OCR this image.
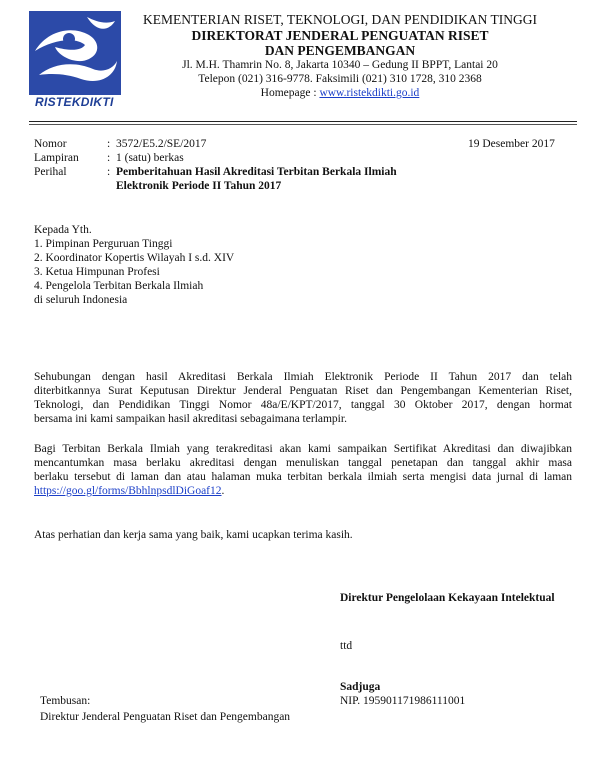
RISTEKDIKTI
KEMENTERIAN RISET, TEKNOLOGI, DAN PENDIDIKAN TINGGI
DIREKTORAT JENDERAL PENGUATAN RISET
DAN PENGEMBANGAN
Jl. M.H. Thamrin No. 8, Jakarta 10340 – Gedung II BPPT, Lantai 20
Telepon (021) 316-9778. Faksimili (021) 310 1728, 310 2368
Homepage : www.ristekdikti.go.id
Nomor	: 3572/E5.2/SE/2017	19 Desember 2017
Lampiran : 1 (satu) berkas
Perihal	: Pemberitahuan Hasil Akreditasi Terbitan Berkala Ilmiah
Elektronik Periode II Tahun 2017
Kepada Yth.
1. Pimpinan Perguruan Tinggi
2. Koordinator Kopertis Wilayah I s.d. XIV
3. Ketua Himpunan Profesi
4. Pengelola Terbitan Berkala Ilmiah
di seluruh Indonesia
Sehubungan dengan hasil Akreditasi Berkala Ilmiah Elektronik Periode II Tahun 2017 dan telah
diterbitkannya Surat Keputusan Direktur Jenderal Penguatan Riset dan Pengembangan Kementerian Riset,
Teknologi, dan Pendidikan Tinggi Nomor 48a/E/KPT/2017, tanggal 30 Oktober 2017, dengan hormat
bersama ini kami sampaikan hasil akreditasi sebagaimana terlampir.
Bagi Terbitan Berkala Ilmiah yang terakreditasi akan kami sampaikan Sertifikat Akreditasi dan diwajibkan
mencantumkan masa berlaku akreditasi dengan menuliskan tanggal penetapan dan tanggal akhir masa
berlaku tersebut di laman dan atau halaman muka terbitan berkala ilmiah serta mengisi data jurnal di laman
https://goo.gl/forms/BbhlnpsdlDiGoaf12.
Atas perhatian dan kerja sama yang baik, kami ucapkan terima kasih.
Direktur Pengelolaan Kekayaan Intelektual
ttd
Sadjuga
NIP. 195901171986111001
Tembusan:
Direktur Jenderal Penguatan Riset dan Pengembangan
